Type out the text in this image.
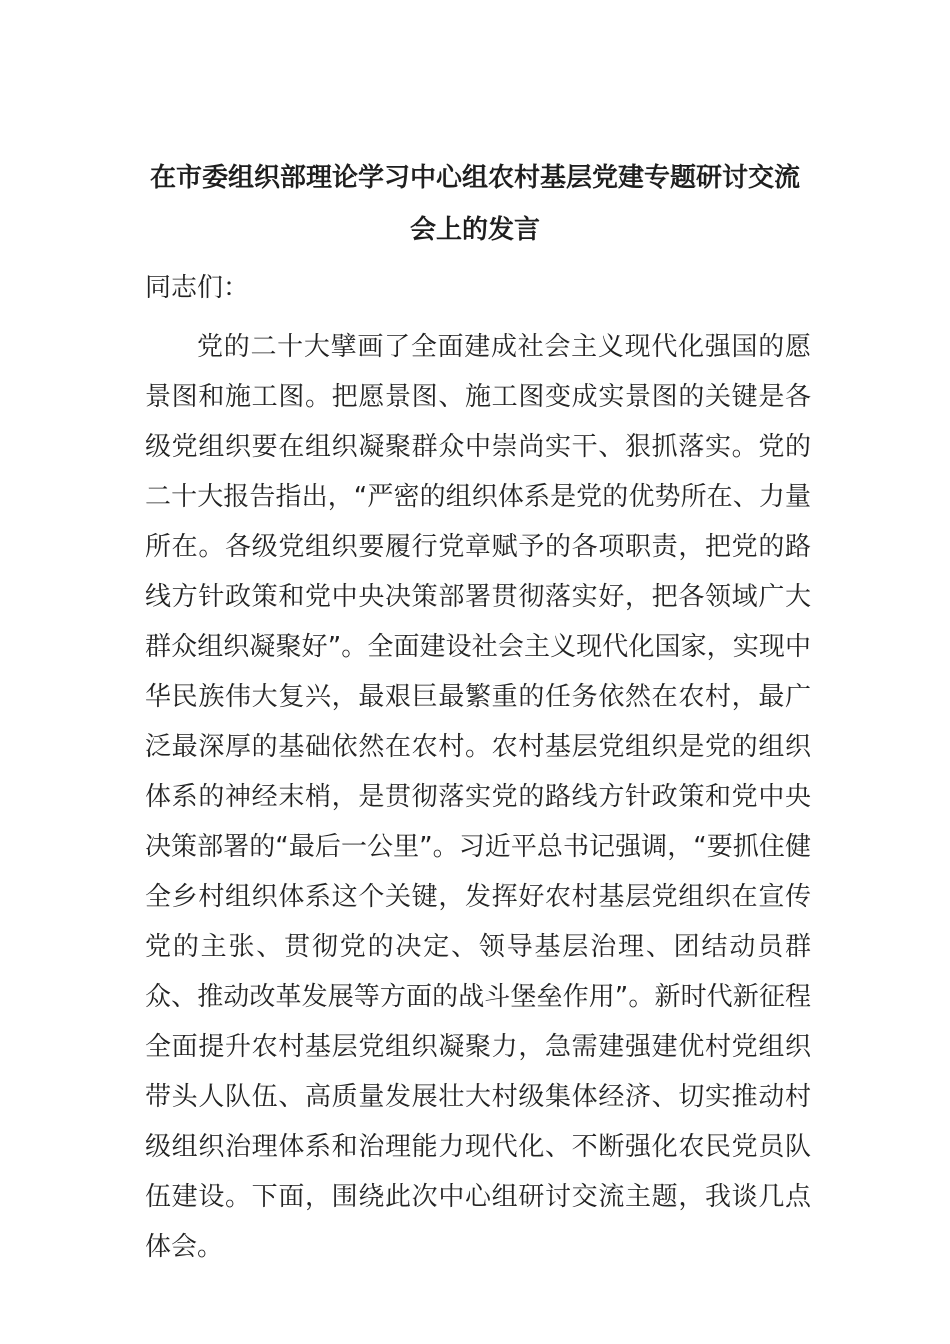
在市委组织部理论学习中心组农村基层党建专题研讨交流会上的发言

同志们：

党的二十大擘画了全面建成社会主义现代化强国的愿景图和施工图。把愿景图、施工图变成实景图的关键是各级党组织要在组织凝聚群众中崇尚实干、狠抓落实。党的二十大报告指出，“严密的组织体系是党的优势所在、力量所在。各级党组织要履行党章赋予的各项职责，把党的路线方针政策和党中央决策部署贯彻落实好，把各领域广大群众组织凝聚好”。全面建设社会主义现代化国家，实现中华民族伟大复兴，最艰巨最繁重的任务依然在农村，最广泛最深厚的基础依然在农村。农村基层党组织是党的组织体系的神经末梢，是贯彻落实党的路线方针政策和党中央决策部署的“最后一公里”。习近平总书记强调，“要抓住健全乡村组织体系这个关键，发挥好农村基层党组织在宣传党的主张、贯彻党的决定、领导基层治理、团结动员群众、推动改革发展等方面的战斗堡垒作用”。新时代新征程全面提升农村基层党组织凝聚力，急需建强建优村党组织带头人队伍、高质量发展壮大村级集体经济、切实推动村级组织治理体系和治理能力现代化、不断强化农民党员队伍建设。下面，围绕此次中心组研讨交流主题，我谈几点体会。
